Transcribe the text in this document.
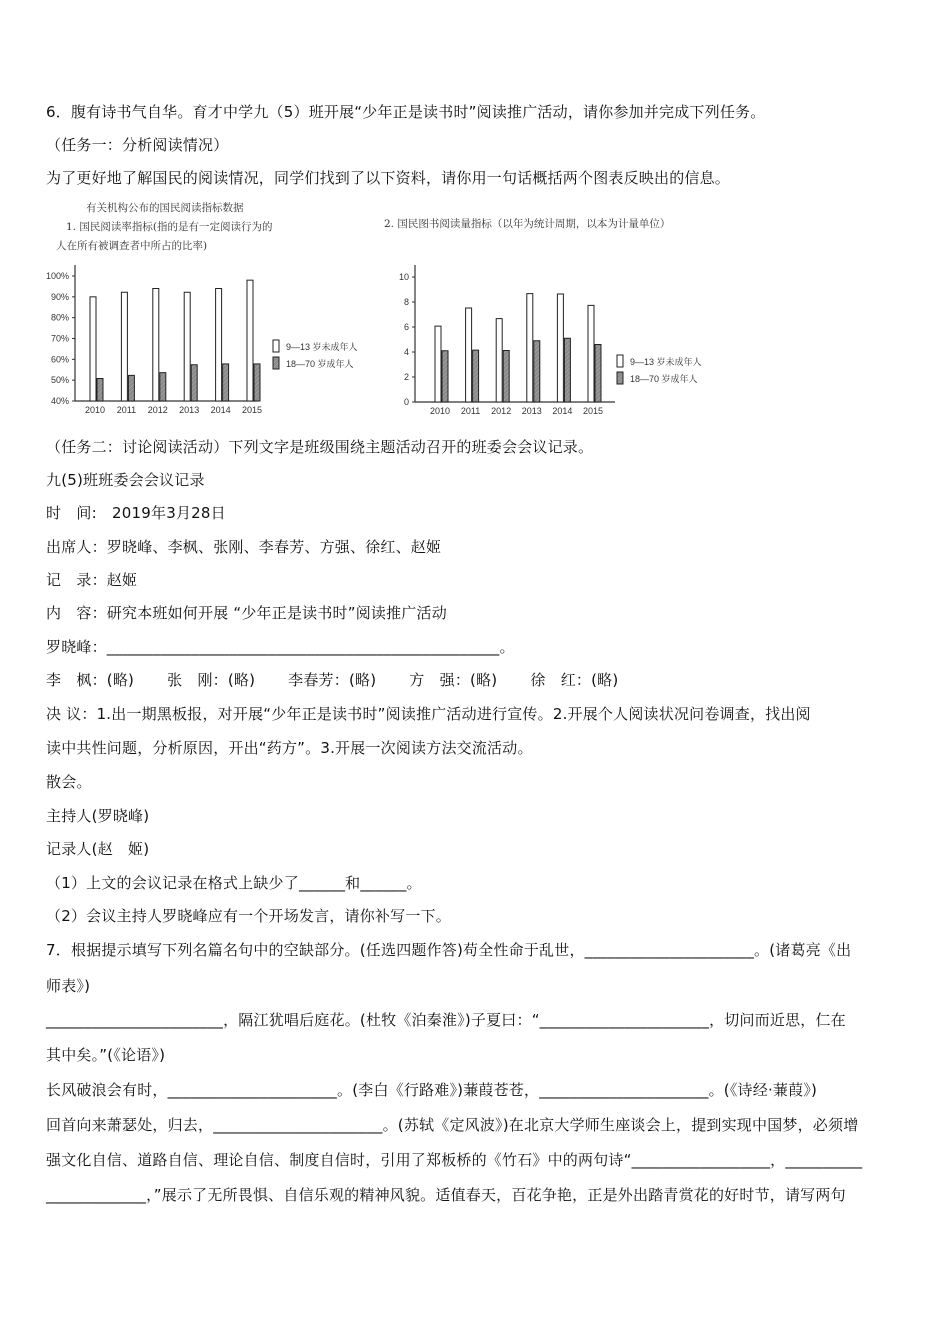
6．腹有诗书气自华。育才中学九（5）班开展“少年正是读书时”阅读推广活动，请你参加并完成下列任务。
（任务一：分析阅读情况）
为了更好地了解国民的阅读情况，同学们找到了以下资料，请你用一句话概括两个图表反映出的信息。
有关机构公布的国民阅读指标数据
1. 国民阅读率指标(指的是有一定阅读行为的
人在所有被调查者中所占的比率)
2. 国民图书阅读量指标（以年为统计周期，以本为计量单位）
40%
50%
60%
70%
80%
90%
100%
2010 2011 2012 2013 2014 2015
9—13 岁未成年人
18—70 岁成年人
0
2
4
6
8
10
2010 2011 2012 2013 2014 2015
9—13 岁未成年人
18—70 岁成年人
（任务二：讨论阅读活动）下列文字是班级围绕主题活动召开的班委会会议记录。
九(5)班班委会会议记录
时　间:　2019年3月28日
出席人：罗晓峰、李枫、张刚、李春芳、方强、徐红、赵姬
记　录：赵姬
内　容：研究本班如何开展 “少年正是读书时”阅读推广活动
罗晓峰：___________________________________________________。
李　枫：(略) 张　刚：(略) 李春芳：(略) 方　强：(略) 徐　红：(略)
决 议：1.出一期黑板报，对开展“少年正是读书时”阅读推广活动进行宣传。2.开展个人阅读状况问卷调查，找出阅
读中共性问题，分析原因，开出“药方”。3.开展一次阅读方法交流活动。
散会。
主持人(罗晓峰)
记录人(赵　姬)
（1）上文的会议记录在格式上缺少了______和______。
（2）会议主持人罗晓峰应有一个开场发言，请你补写一下。
7．根据提示填写下列名篇名句中的空缺部分。(任选四题作答)苟全性命于乱世，______________________。(诸葛亮《出
师表》)
_______________________，隔江犹唱后庭花。(杜牧《泊秦淮》)子夏曰：“______________________，切问而近思，仁在
其中矣。”(《论语》)
长风破浪会有时，______________________。(李白《行路难》)蒹葭苍苍，______________________。(《诗经·蒹葭》)
回首向来萧瑟处，归去，______________________。(苏轼《定风波》)在北京大学师生座谈会上，提到实现中国梦，必须增
强文化自信、道路自信、理论自信、制度自信时，引用了郑板桥的《竹石》中的两句诗“__________________，__________
_____________，”展示了无所畏惧、自信乐观的精神风貌。适值春天，百花争艳，正是外出踏青赏花的好时节，请写两句
